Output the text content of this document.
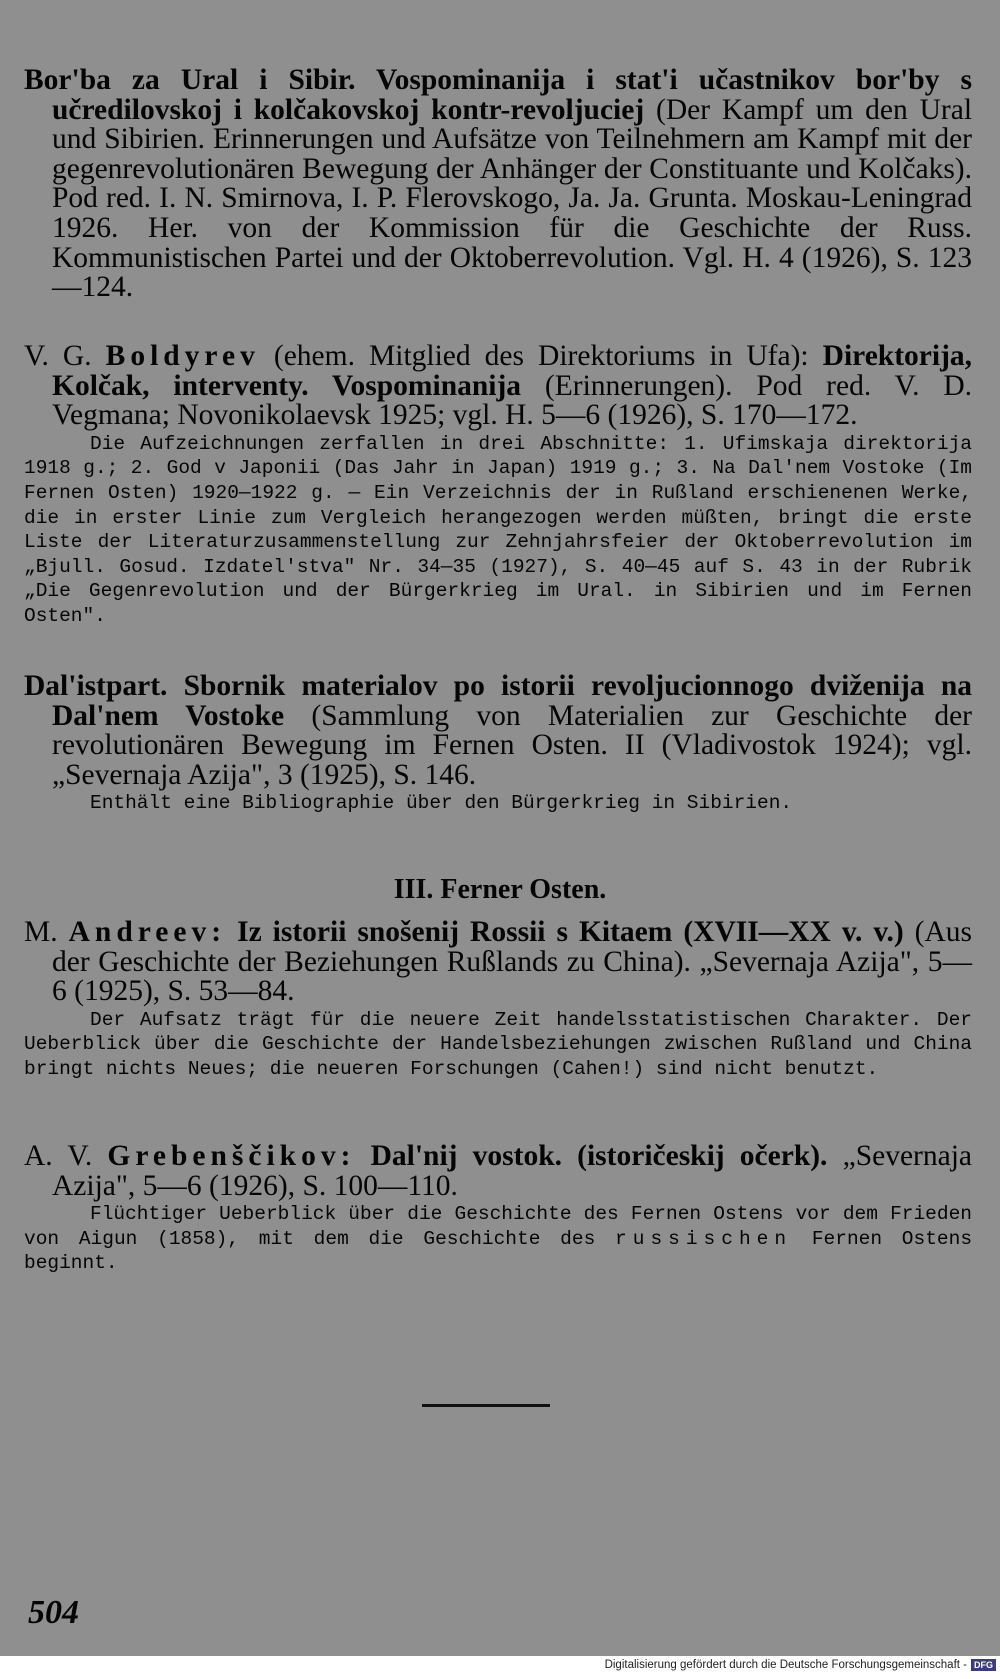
Bor'ba za Ural i Sibir. Vospominanija i stat'i učastnikov bor'by s učredilovskoj i kolčakovskoj kontr-revoljuciej (Der Kampf um den Ural und Sibirien. Erinnerungen und Aufsätze von Teilnehmern am Kampf mit der gegenrevolutionären Bewegung der Anhänger der Constituante und Kolčaks). Pod red. I. N. Smirnova, I. P. Flerovskogo, Ja. Ja. Grunta. Moskau-Leningrad 1926. Her. von der Kommission für die Geschichte der Russ. Kommunistischen Partei und der Oktoberrevolution. Vgl. H. 4 (1926), S. 123—124.
V. G. Boldyrev (ehem. Mitglied des Direktoriums in Ufa): Direktorija, Kolčak, interventy. Vospominanija (Erinnerungen). Pod red. V. D. Vegmana; Novonikolaevsk 1925; vgl. H. 5—6 (1926), S. 170—172.
Die Aufzeichnungen zerfallen in drei Abschnitte: 1. Ufimskaja direktorija 1918 g.; 2. God v Japonii (Das Jahr in Japan) 1919 g.; 3. Na Dal'nem Vostoke (Im Fernen Osten) 1920—1922 g. — Ein Verzeichnis der in Rußland erschienenen Werke, die in erster Linie zum Vergleich herangezogen werden müßten, bringt die erste Liste der Literaturzusammenstellung zur Zehnjahrsfeier der Oktoberrevolution im „Bjull. Gosud. Izdatel'stva" Nr. 34—35 (1927), S. 40—45 auf S. 43 in der Rubrik „Die Gegenrevolution und der Bürgerkrieg im Ural. in Sibirien und im Fernen Osten".
Dal'istpart. Sbornik materialov po istorii revoljucionnogo dviženija na Dal'nem Vostoke (Sammlung von Materialien zur Geschichte der revolutionären Bewegung im Fernen Osten. II (Vladivostok 1924); vgl. „Severnaja Azija", 3 (1925), S. 146.
Enthält eine Bibliographie über den Bürgerkrieg in Sibirien.
III. Ferner Osten.
M. Andreev: Iz istorii snošenij Rossii s Kitaem (XVII—XX v. v.) (Aus der Geschichte der Beziehungen Rußlands zu China). „Severnaja Azija", 5—6 (1925), S. 53—84.
Der Aufsatz trägt für die neuere Zeit handelsstatistischen Charakter. Der Ueberblick über die Geschichte der Handelsbeziehungen zwischen Rußland und China bringt nichts Neues; die neueren Forschungen (Cahen!) sind nicht benutzt.
A. V. Grebenščikov: Dal'nij vostok. (istoričeskij očerk). „Severnaja Azija", 5—6 (1926), S. 100—110.
Flüchtiger Ueberblick über die Geschichte des Fernen Ostens vor dem Frieden von Aigun (1858), mit dem die Geschichte des russischen Fernen Ostens beginnt.
504
Digitalisierung gefördert durch die Deutsche Forschungsgemeinschaft - DFG
